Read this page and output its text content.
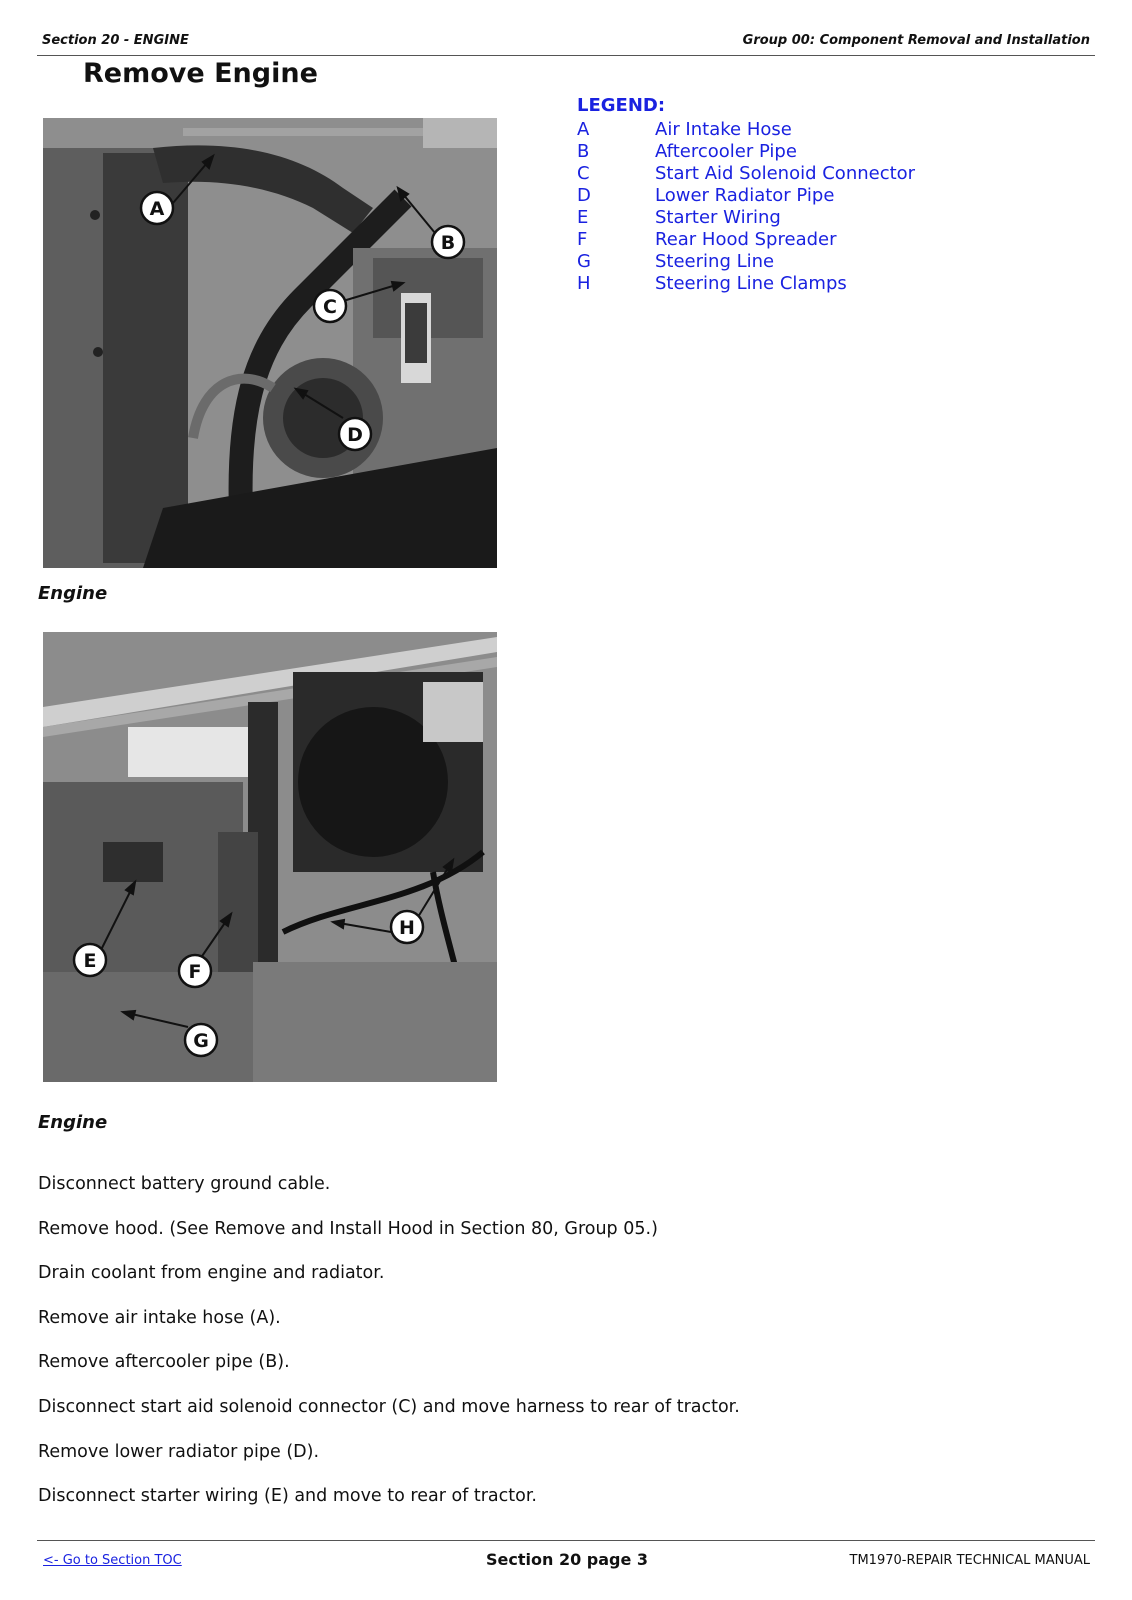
Section 20 - ENGINE	Group 00: Component Removal and Installation
Remove Engine
LEGEND:
A	Air Intake Hose
B	Aftercooler Pipe
C	Start Aid Solenoid Connector
D	Lower Radiator Pipe
E	Starter Wiring
F	Rear Hood Spreader
G	Steering Line
H	Steering Line Clamps
A
B
C
D
Engine
E	F
G
H
Engine

Disconnect battery ground cable.

Remove hood. (See Remove and Install Hood in Section 80, Group 05.)

Drain coolant from engine and radiator.

Remove air intake hose (A).

Remove aftercooler pipe (B).

Disconnect start aid solenoid connector (C) and move harness to rear of tractor.

Remove lower radiator pipe (D).

Disconnect starter wiring (E) and move to rear of tractor.

<- Go to Section TOC	Section 20 page 3	TM1970-REPAIR TECHNICAL MANUAL
